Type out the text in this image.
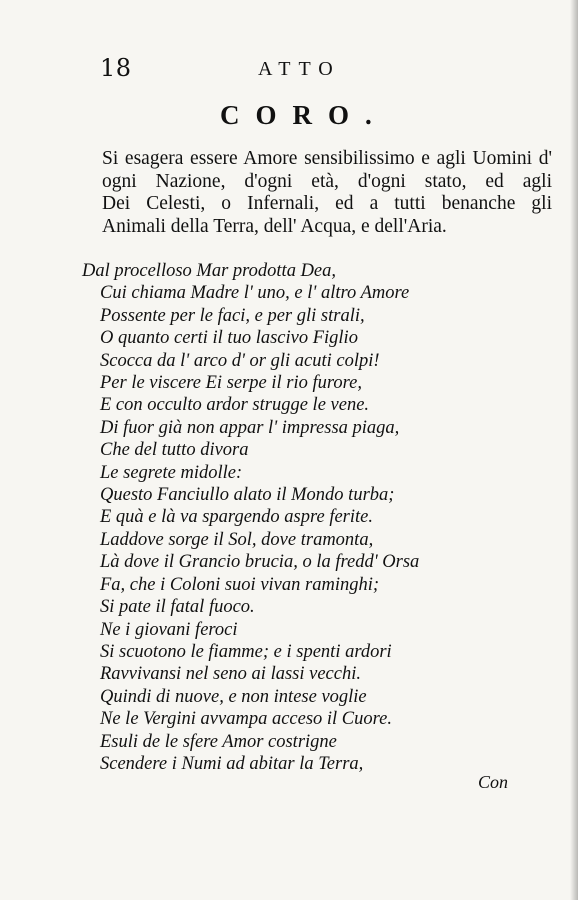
18	ATTO
CORO.
Si esagera essere Amore sensibilissimo e agli Uomini d'
ogni Nazione, d'ogni età, d'ogni stato, ed agli
Dei Celesti, o Infernali, ed a tutti benanche gli
Animali della Terra, dell' Acqua, e dell'Aria.
Dal procelloso Mar prodotta Dea,
Cui chiama Madre l' uno, e l' altro Amore
Possente per le faci, e per gli strali,
O quanto certi il tuo lascivo Figlio
Scocca da l' arco d' or gli acuti colpi!
Per le viscere Ei serpe il rio furore,
E con occulto ardor strugge le vene.
Di fuor già non appar l' impressa piaga,
Che del tutto divora
Le segrete midolle:
Questo Fanciullo alato il Mondo turba;
E quà e là va spargendo aspre ferite.
Laddove sorge il Sol, dove tramonta,
Là dove il Grancio brucia, o la fredd' Orsa
Fa, che i Coloni suoi vivan raminghi;
Si pate il fatal fuoco.
Ne i giovani feroci
Si scuotono le fiamme; e i spenti ardori
Ravvivansi nel seno ai lassi vecchi.
Quindi di nuove, e non intese voglie
Ne le Vergini avvampa acceso il Cuore.
Esuli de le sfere Amor costrigne
Scendere i Numi ad abitar la Terra,
Con
